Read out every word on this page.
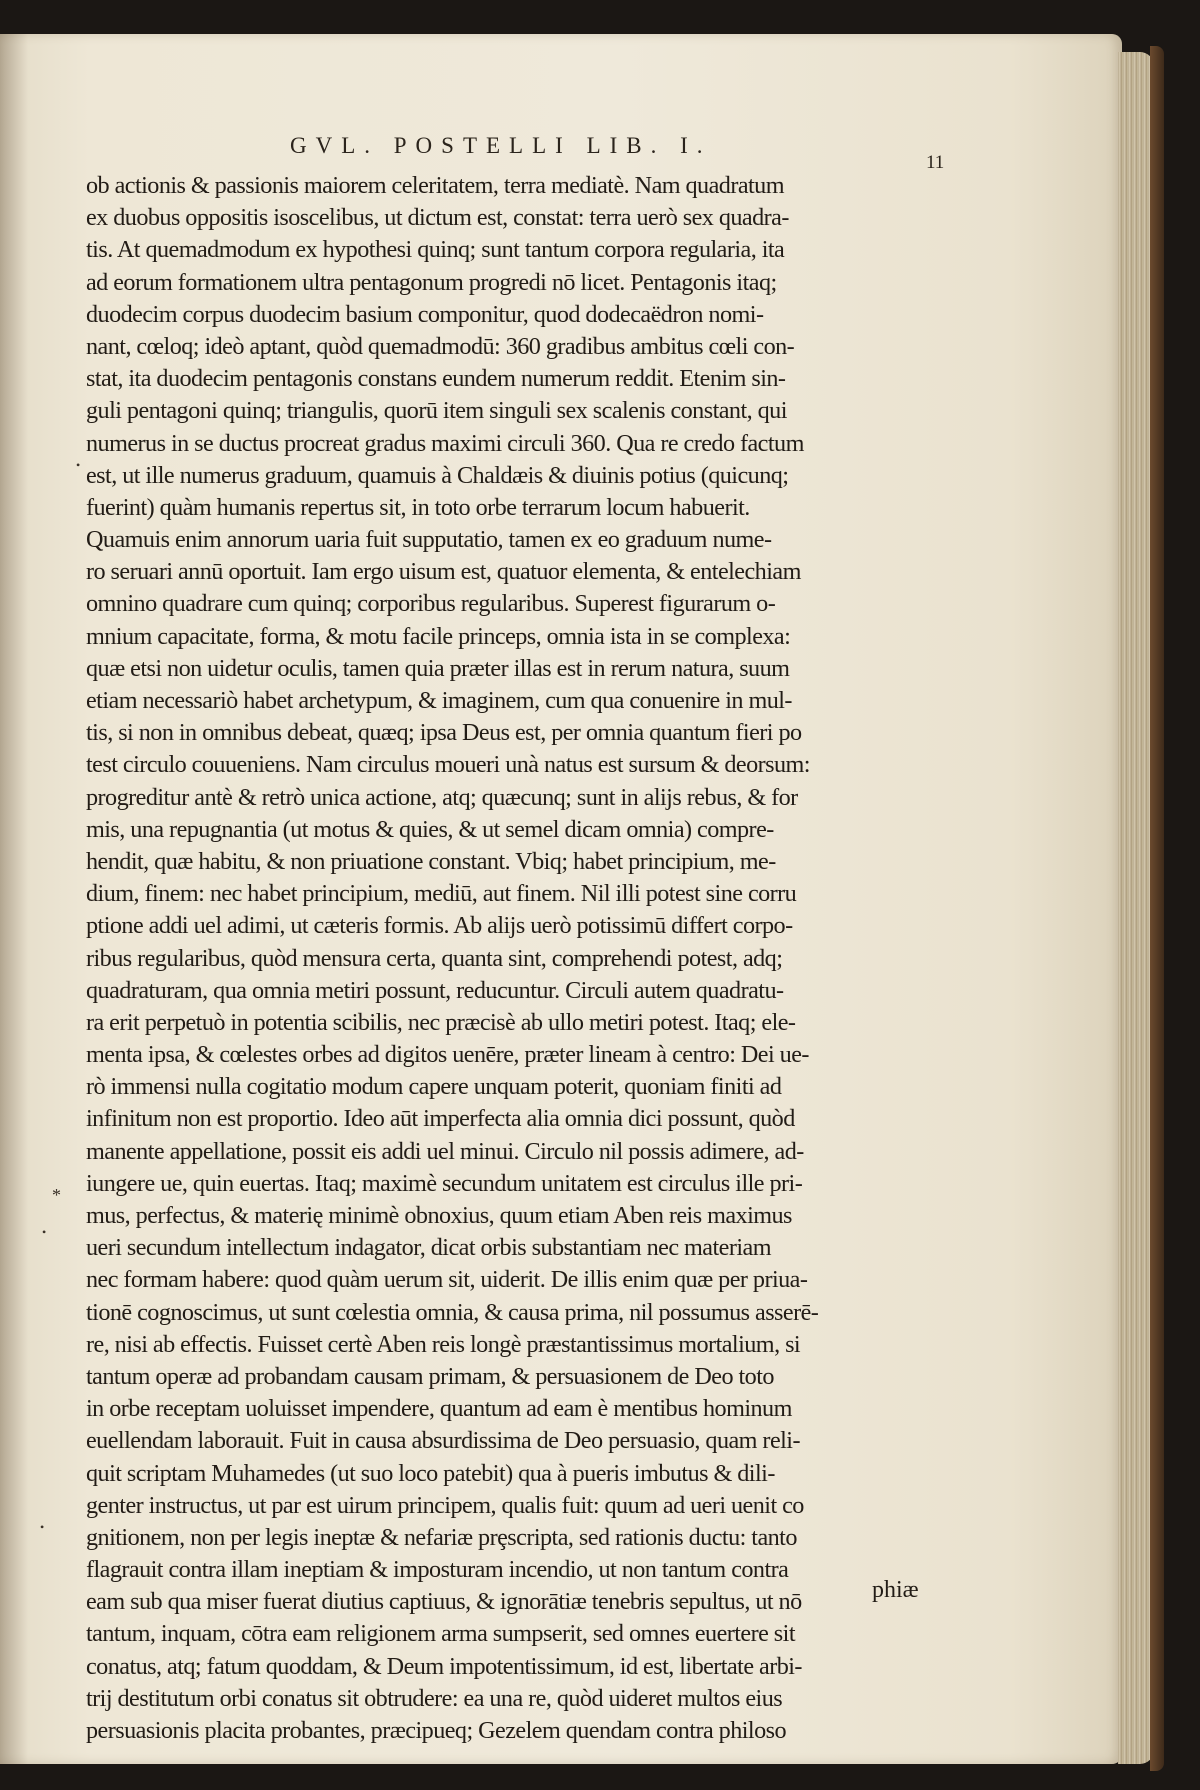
GVL. POSTELLI LIB. I.
11
ob actionis & passionis maiorem celeritatem, terra mediatè. Nam quadratum
ex duobus oppositis isoscelibus, ut dictum est, constat: terra uerò sex quadra-
tis. At quemadmodum ex hypothesi quinq; sunt tantum corpora regularia, ita
ad eorum formationem ultra pentagonum progredi nō licet. Pentagonis itaq;
duodecim corpus duodecim basium componitur, quod dodecaëdron nomi-
nant, cœloq; ideò aptant, quòd quemadmodū: 360 gradibus ambitus cœli con-
stat, ita duodecim pentagonis constans eundem numerum reddit. Etenim sin-
guli pentagoni quinq; triangulis, quorū item singuli sex scalenis constant, qui
numerus in se ductus procreat gradus maximi circuli 360. Qua re credo factum
est, ut ille numerus graduum, quamuis à Chaldæis & diuinis potius (quicunq;
fuerint) quàm humanis repertus sit, in toto orbe terrarum locum habuerit.
Quamuis enim annorum uaria fuit supputatio, tamen ex eo graduum nume-
ro seruari annū oportuit. Iam ergo uisum est, quatuor elementa, & entelechiam
omnino quadrare cum quinq; corporibus regularibus. Superest figurarum o-
mnium capacitate, forma, & motu facile princeps, omnia ista in se complexa:
quæ etsi non uidetur oculis, tamen quia præter illas est in rerum natura, suum
etiam necessariò habet archetypum, & imaginem, cum qua conuenire in mul-
tis, si non in omnibus debeat, quæq; ipsa Deus est, per omnia quantum fieri po
test circulo couueniens. Nam circulus moueri unà natus est sursum & deorsum:
progreditur antè & retrò unica actione, atq; quæcunq; sunt in alijs rebus, & for
mis, una repugnantia (ut motus & quies, & ut semel dicam omnia) compre-
hendit, quæ habitu, & non priuatione constant. Vbiq; habet principium, me-
dium, finem: nec habet principium, mediū, aut finem. Nil illi potest sine corru
ptione addi uel adimi, ut cæteris formis. Ab alijs uerò potissimū differt corpo-
ribus regularibus, quòd mensura certa, quanta sint, comprehendi potest, adq;
quadraturam, qua omnia metiri possunt, reducuntur. Circuli autem quadratu-
ra erit perpetuò in potentia scibilis, nec præcisè ab ullo metiri potest. Itaq; ele-
menta ipsa, & cœlestes orbes ad digitos uenēre, præter lineam à centro: Dei ue-
rò immensi nulla cogitatio modum capere unquam poterit, quoniam finiti ad
infinitum non est proportio. Ideo aūt imperfecta alia omnia dici possunt, quòd
manente appellatione, possit eis addi uel minui. Circulo nil possis adimere, ad-
iungere ue, quin euertas. Itaq; maximè secundum unitatem est circulus ille pri-
mus, perfectus, & materię minimè obnoxius, quum etiam Aben reis maximus
ueri secundum intellectum indagator, dicat orbis substantiam nec materiam
nec formam habere: quod quàm uerum sit, uiderit. De illis enim quæ per priua-
tionē cognoscimus, ut sunt cœlestia omnia, & causa prima, nil possumus asserē-
re, nisi ab effectis. Fuisset certè Aben reis longè præstantissimus mortalium, si
tantum operæ ad probandam causam primam, & persuasionem de Deo toto
in orbe receptam uoluisset impendere, quantum ad eam è mentibus hominum
euellendam laborauit. Fuit in causa absurdissima de Deo persuasio, quam reli-
quit scriptam Muhamedes (ut suo loco patebit) qua à pueris imbutus & dili-
genter instructus, ut par est uirum principem, qualis fuit: quum ad ueri uenit co
gnitionem, non per legis ineptæ & nefariæ prȩscripta, sed rationis ductu: tanto
flagrauit contra illam ineptiam & imposturam incendio, ut non tantum contra
eam sub qua miser fuerat diutius captiuus, & ignorātiæ tenebris sepultus, ut nō
tantum, inquam, cōtra eam religionem arma sumpserit, sed omnes euertere sit
conatus, atq; fatum quoddam, & Deum impotentissimum, id est, libertate arbi-
trij destitutum orbi conatus sit obtrudere: ea una re, quòd uideret multos eius
persuasionis placita probantes, præcipueq; Gezelem quendam contra philoso
phiæ
*
•
•
•
